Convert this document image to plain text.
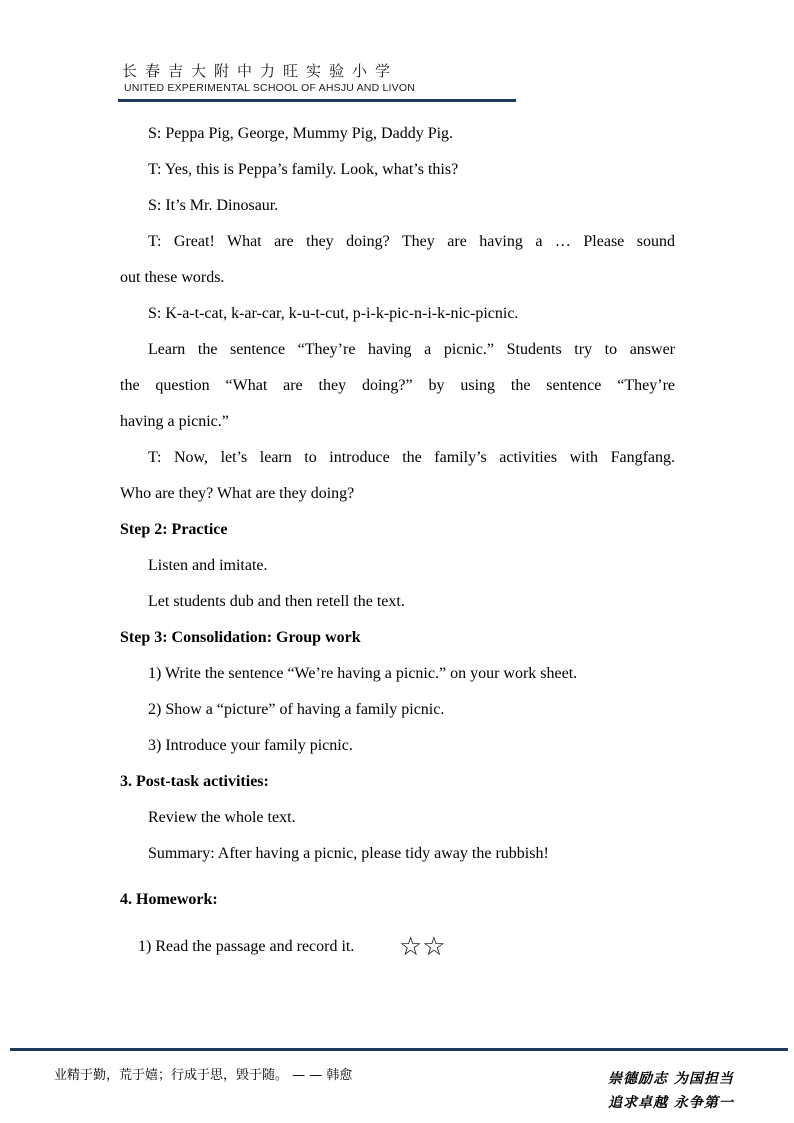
长春吉大附中力旺实验小学
UNITED EXPERIMENTAL SCHOOL OF AHSJU AND LIVON
S: Peppa Pig, George, Mummy Pig, Daddy Pig.
T: Yes, this is Peppa’s family. Look, what’s this?
S: It’s Mr. Dinosaur.
T: Great! What are they doing? They are having a … Please sound
out these words.
S: K-a-t-cat, k-ar-car, k-u-t-cut, p-i-k-pic-n-i-k-nic-picnic.
Learn the sentence “They’re having a picnic.” Students try to answer
the question “What are they doing?” by using the sentence “They’re
having a picnic.”
T: Now, let’s learn to introduce the family’s activities with Fangfang.
Who are they? What are they doing?
Step 2: Practice
Listen and imitate.
Let students dub and then retell the text.
Step 3: Consolidation: Group work
1) Write the sentence “We’re having a picnic.” on your work sheet.
2) Show a “picture” of having a family picnic.
3) Introduce your family picnic.
3. Post-task activities:
Review the whole text.
Summary: After having a picnic, please tidy away the rubbish!
4. Homework:
1) Read the passage and record it. ☆☆
业精于勤，荒于嬉；行成于思，毁于随。 — — 韩愈	崇德励志 为国担当
追求卓越 永争第一
